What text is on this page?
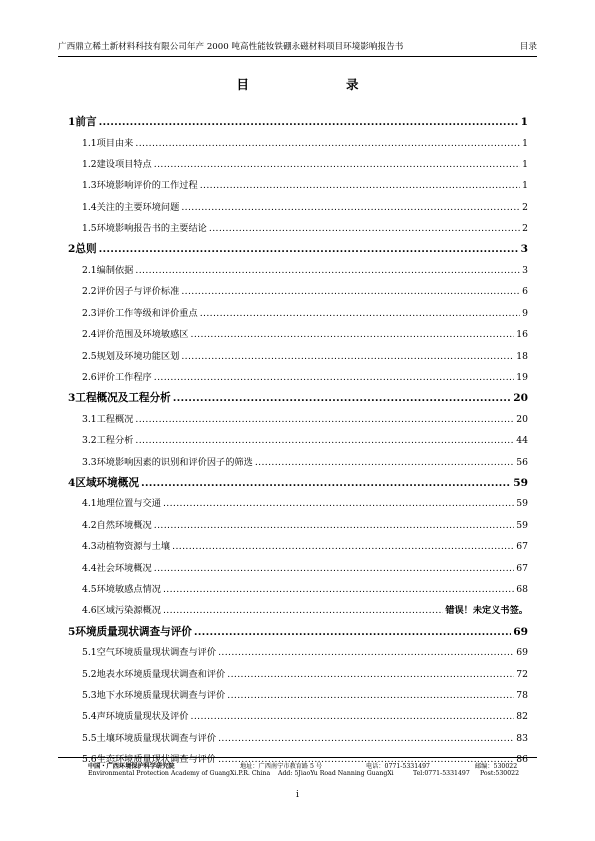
广西鼎立稀土新材料科技有限公司年产 2000 吨高性能钕铁硼永磁材料项目环境影响报告书	目录
目　　录
1 前言 .....	1
1.1 项目由来 .....	1
1.2 建设项目特点 .....	1
1.3 环境影响评价的工作过程 .....	1
1.4 关注的主要环境问题 .....	2
1.5 环境影响报告书的主要结论 .....	2
2 总则 .....	3
2.1 编制依据 .....	3
2.2 评价因子与评价标准 .....	6
2.3 评价工作等级和评价重点 .....	9
2.4 评价范围及环境敏感区 .....	16
2.5 规划及环境功能区划 .....	18
2.6 评价工作程序 .....	19
3 工程概况及工程分析 .....	20
3.1 工程概况 .....	20
3.2 工程分析 .....	44
3.3 环境影响因素的识别和评价因子的筛选 .....	56
4 区域环境概况 .....	59
4.1 地理位置与交通 .....	59
4.2 自然环境概况 .....	59
4.3 动植物资源与土壤 .....	67
4.4 社会环境概况 .....	67
4.5 环境敏感点情况 .....	68
4.6 区域污染源概况 .....	错误！未定义书签。
5 环境质量现状调查与评价 .....	69
5.1 空气环境质量现状调查与评价 .....	69
5.2 地表水环境质量现状调查和评价 .....	72
5.3 地下水环境质量现状调查与评价 .....	78
5.4 声环境质量现状及评价 .....	82
5.5 土壤环境质量现状调查与评价 .....	83
5.6 生态环境质量现状调查与评价 .....	86
中国・广西环境保护科学研究院	地址：广西南宁市教育路 5 号	电话：0771-5331497	邮编：530022
Environmental Protection Academy of GuangXi.P.R. China Add: 5JiaoYu Road Nanning GuangXi	Tel:0771-5331497 Post:530022
i
